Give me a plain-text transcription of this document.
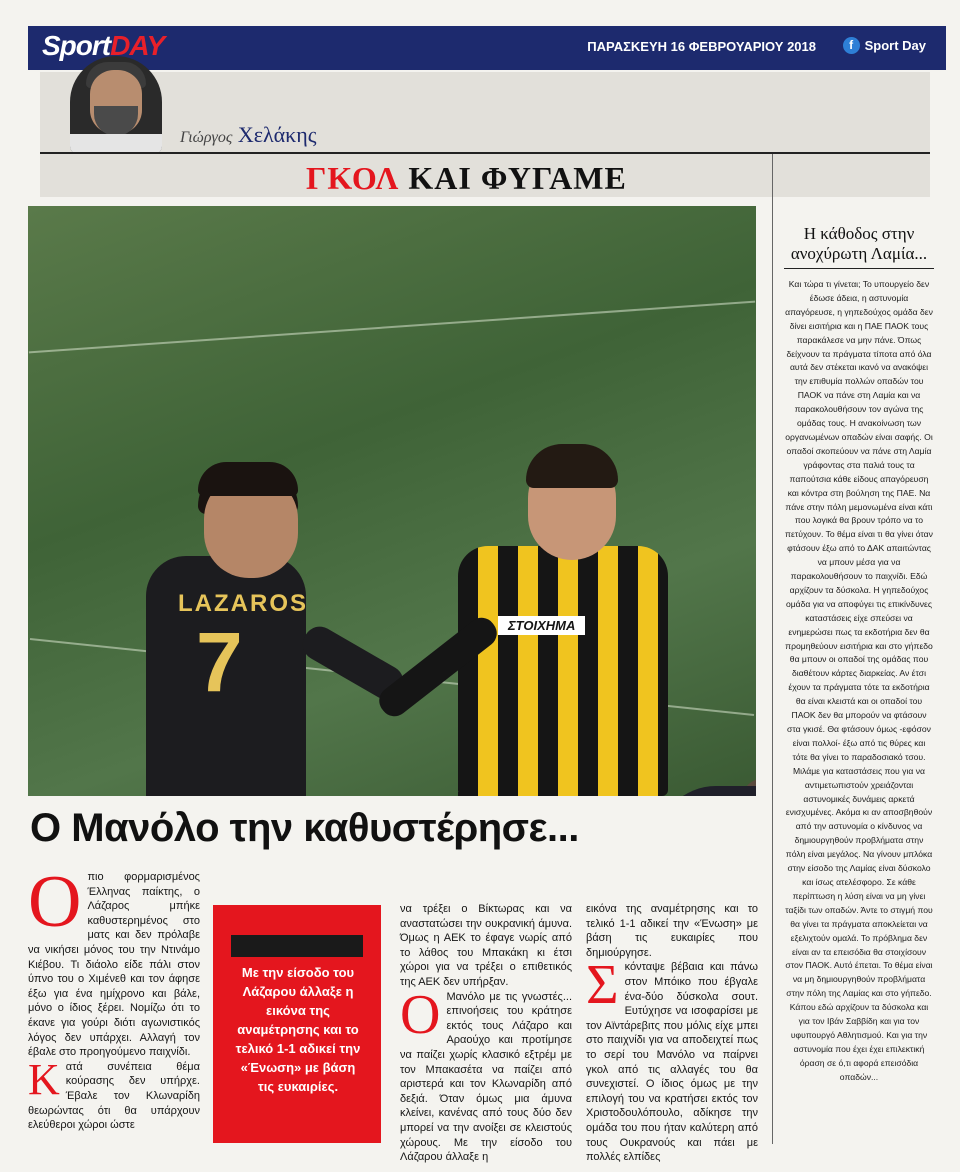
SportDAY	ΠΑΡΑΣΚΕΥΗ 16 ΦΕΒΡΟΥΑΡΙΟΥ 2018	f Sport Day
Γιώργος Χελάκης
ΓΚΟΛ ΚΑΙ ΦΥΓΑΜΕ
LAZAROS
7	ΣΤΟΙΧΗΜΑ
Η κάθοδος στην ανοχύρωτη Λαμία...
Και τώρα τι γίνεται; Το υπουργείο δεν έδωσε άδεια, η αστυνομία απαγόρευσε, η γηπεδούχος ομάδα δεν δίνει εισιτήρια και η ΠΑΕ ΠΑΟΚ τους παρακάλεσε να μην πάνε. Όπως δείχνουν τα πράγματα τίποτα από όλα αυτά δεν στέκεται ικανό να ανακόψει την επιθυμία πολλών οπαδών του ΠΑΟΚ να πάνε στη Λαμία και να παρακολουθήσουν τον αγώνα της ομάδας τους. Η ανακοίνωση των οργανωμένων οπαδών είναι σαφής. Οι οπαδοί σκοπεύουν να πάνε στη Λαμία γράφοντας στα παλιά τους τα παπούτσια κάθε είδους απαγόρευση και κόντρα στη βούληση της ΠΑΕ. Να πάνε στην πόλη μεμονωμένα είναι κάτι που λογικά θα βρουν τρόπο να το πετύχουν. Το θέμα είναι τι θα γίνει όταν φτάσουν έξω από το ΔΑΚ απαιτώντας να μπουν μέσα για να παρακολουθήσουν το παιχνίδι. Εδώ αρχίζουν τα δύσκολα. Η γηπεδούχος ομάδα για να αποφύγει τις επικίνδυνες καταστάσεις είχε σπεύσει να ενημερώσει πως τα εκδοτήρια δεν θα προμηθεύουν εισιτήρια και στο γήπεδο θα μπουν οι οπαδοί της ομάδας που διαθέτουν κάρτες διαρκείας. Αν έτσι έχουν τα πράγματα τότε τα εκδοτήρια θα είναι κλειστά και οι οπαδοί του ΠΑΟΚ δεν θα μπορούν να φτάσουν στα γκισέ. Θα φτάσουν όμως -εφόσον είναι πολλοί- έξω από τις θύρες και τότε θα γίνει το παραδοσιακό τσου. Μιλάμε για καταστάσεις που για να αντιμετωπιστούν χρειάζονται αστυνομικές δυνάμεις αρκετά ενισχυμένες. Ακόμα κι αν αποσβηθούν από την αστυνομία ο κίνδυνος να δημιουργηθούν προβλήματα στην πόλη είναι μεγάλος. Να γίνουν μπλόκα στην είσοδο της Λαμίας είναι δύσκολο και ίσως ατελέσφορο. Σε κάθε περίπτωση η λύση είναι να μη γίνει ταξίδι των οπαδών. Άντε το στιγμή που θα γίνει τα πράγματα αποκλείεται να εξελιχτούν ομαλά. Το πρόβλημα δεν είναι αν τα επεισόδια θα στοιχίσουν στον ΠΑΟΚ. Αυτό έπεται. Το θέμα είναι να μη δημιουργηθούν προβλήματα στην πόλη της Λαμίας και στο γήπεδο. Κάπου εδώ αρχίζουν τα δύσκολα και για τον Ιβάν Σαββίδη και για τον υφυπουργό Αθλητισμού. Και για την αστυνομία που έχει έχει επιλεκτική όραση σε ό,τι αφορά επεισόδια οπαδών...
Ο Μανόλο την καθυστέρησε...

Οπιο φορμαρισμένος Έλληνας παίκτης, ο Λάζαρος μπήκε καθυστερημένος στο ματς και δεν πρόλαβε να νικήσει μόνος του την Ντινάμο Κιέβου. Τι διάολο είδε πάλι στον ύπνο του ο Χιμένεθ και τον άφησε έξω για ένα ημίχρονο και βάλε, μόνο ο ίδιος ξέρει. Νομίζω ότι το έκανε για γούρι διότι αγωνιστικός λόγος δεν υπάρχει. Αλλαγή τον έβαλε στο προηγούμενο παιχνίδι.

Κατά συνέπεια θέμα κούρασης δεν υπήρχε. Έβαλε τον Κλωναρίδη θεωρώντας ότι θα υπάρχουν ελεύθεροι χώροι ώστε

Με την είσοδο του Λάζαρου άλλαξε η εικόνα της αναμέτρησης και το τελικό 1-1 αδικεί την «Ένωση» με βάση τις ευκαιρίες.

να τρέξει ο Βίκτωρας και να αναστατώσει την ουκρανική άμυνα. Όμως η ΑΕΚ το έφαγε νωρίς από το λάθος του Μπακάκη κι έτσι χώροι για να τρέξει ο επιθετικός της ΑΕΚ δεν υπήρξαν.

Ο Μανόλο με τις γνωστές... επινοήσεις του κράτησε εκτός τους Λάζαρο και Αραούχο και προτίμησε να παίζει χωρίς κλασικό εξτρέμ με τον Μπακασέτα να παίζει από αριστερά και τον Κλωναρίδη από δεξιά. Όταν όμως μια άμυνα κλείνει, κανένας από τους δύο δεν μπορεί να την ανοίξει σε κλειστούς χώρους. Με την είσοδο του Λάζαρου άλλαξε η

εικόνα της αναμέτρησης και το τελικό 1-1 αδικεί την «Ένωση» με βάση τις ευκαιρίες που δημιούργησε.

Σκόνταψε βέβαια και πάνω στον Μπόικο που έβγαλε ένα-δύο δύσκολα σουτ. Ευτύχησε να ισοφαρίσει με τον Αϊντάρεβιτς που μόλις είχε μπει στο παιχνίδι για να αποδειχτεί πως το σερί του Μανόλο να παίρνει γκολ από τις αλλαγές του θα συνεχιστεί. Ο ίδιος όμως με την επιλογή του να κρατήσει εκτός τον Χριστοδουλόπουλο, αδίκησε την ομάδα του που ήταν καλύτερη από τους Ουκρανούς και πάει με πολλές ελπίδες
